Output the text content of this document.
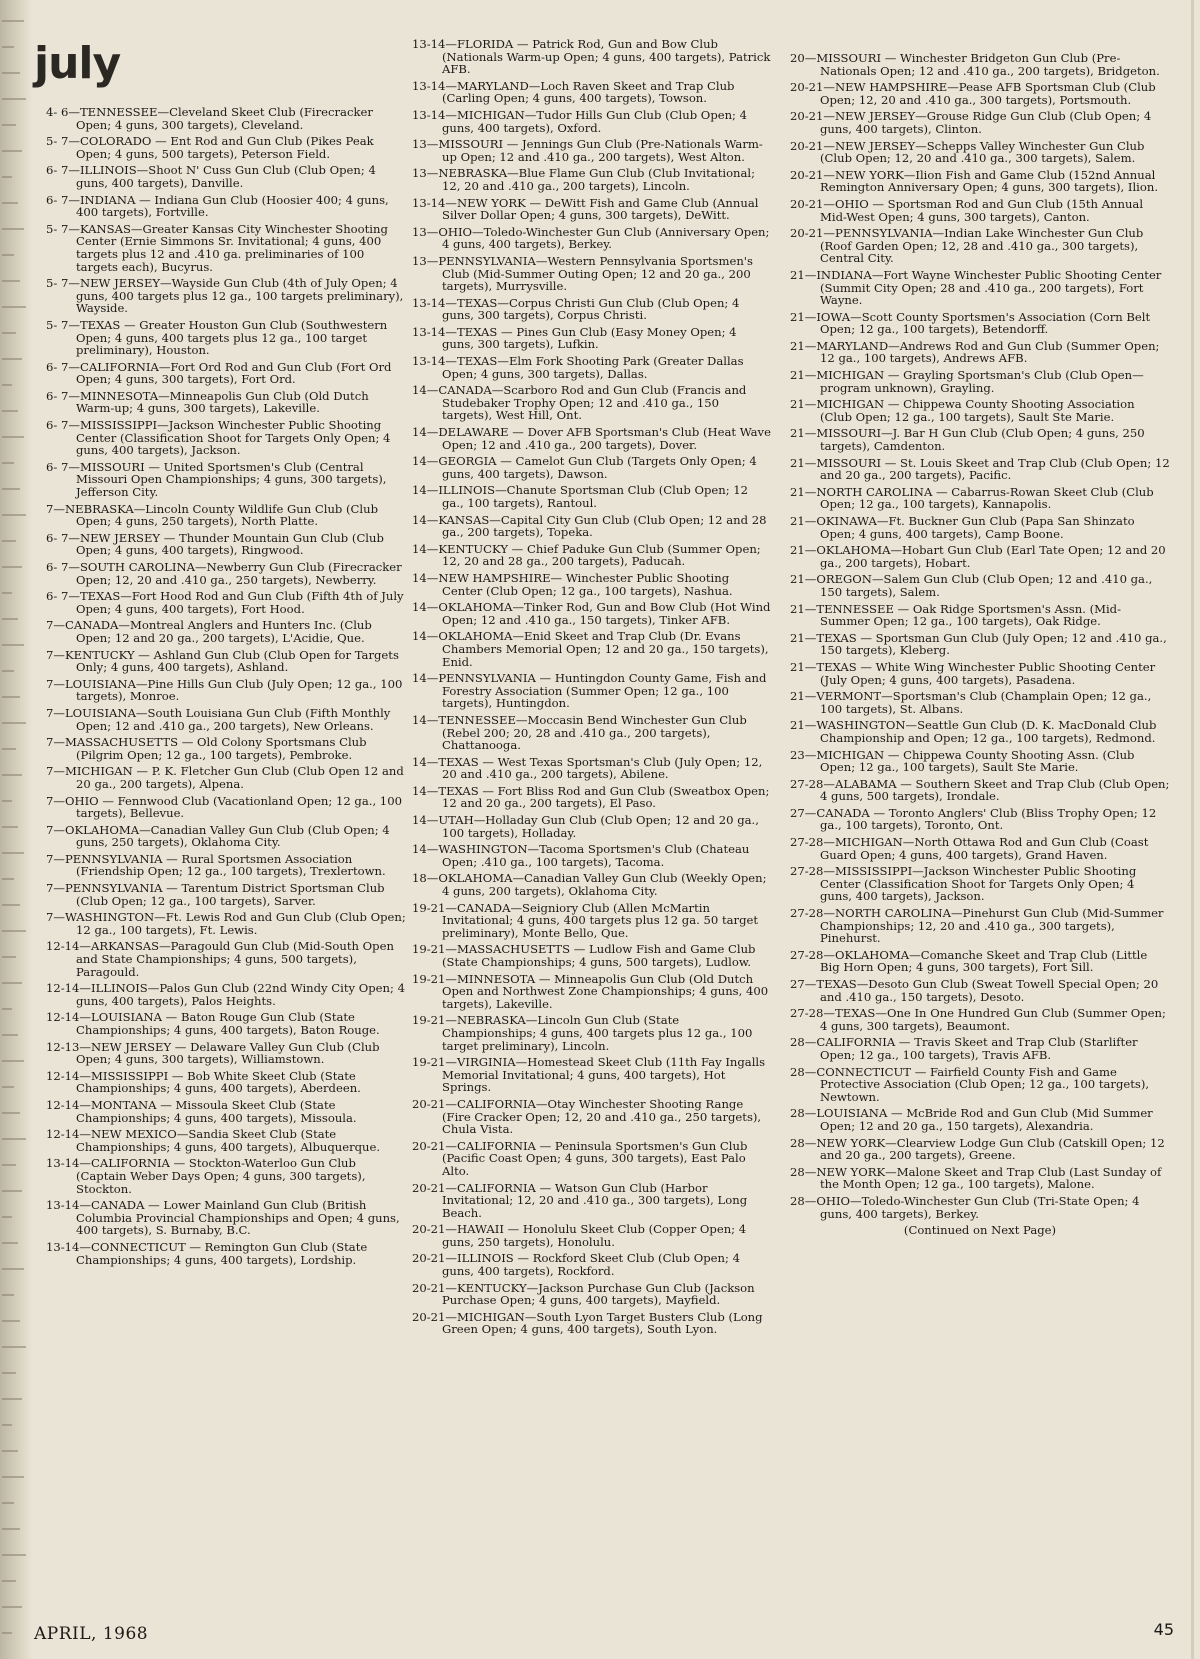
july
4- 6—TENNESSEE—Cleveland Skeet Club (Firecracker Open; 4 guns, 300 targets), Cleveland.
5- 7—COLORADO — Ent Rod and Gun Club (Pikes Peak Open; 4 guns, 500 targets), Peterson Field.
6- 7—ILLINOIS—Shoot N' Cuss Gun Club (Club Open; 4 guns, 400 targets), Danville.
6- 7—INDIANA — Indiana Gun Club (Hoosier 400; 4 guns, 400 targets), Fortville.
5- 7—KANSAS—Greater Kansas City Winchester Shooting Center (Ernie Simmons Sr. Invitational; 4 guns, 400 targets plus 12 and .410 ga. preliminaries of 100 targets each), Bucyrus.
5- 7—NEW JERSEY—Wayside Gun Club (4th of July Open; 4 guns, 400 targets plus 12 ga., 100 targets preliminary), Wayside.
5- 7—TEXAS — Greater Houston Gun Club (Southwestern Open; 4 guns, 400 targets plus 12 ga., 100 target preliminary), Houston.
6- 7—CALIFORNIA—Fort Ord Rod and Gun Club (Fort Ord Open; 4 guns, 300 targets), Fort Ord.
6- 7—MINNESOTA—Minneapolis Gun Club (Old Dutch Warm-up; 4 guns, 300 targets), Lakeville.
6- 7—MISSISSIPPI—Jackson Winchester Public Shooting Center (Classification Shoot for Targets Only Open; 4 guns, 400 targets), Jackson.
6- 7—MISSOURI — United Sportsmen's Club (Central Missouri Open Championships; 4 guns, 300 targets), Jefferson City.
7—NEBRASKA—Lincoln County Wildlife Gun Club (Club Open; 4 guns, 250 targets), North Platte.
6- 7—NEW JERSEY — Thunder Mountain Gun Club (Club Open; 4 guns, 400 targets), Ringwood.
6- 7—SOUTH CAROLINA—Newberry Gun Club (Firecracker Open; 12, 20 and .410 ga., 250 targets), Newberry.
6- 7—TEXAS—Fort Hood Rod and Gun Club (Fifth 4th of July Open; 4 guns, 400 targets), Fort Hood.
7—CANADA—Montreal Anglers and Hunters Inc. (Club Open; 12 and 20 ga., 200 targets), L'Acidie, Que.
7—KENTUCKY — Ashland Gun Club (Club Open for Targets Only; 4 guns, 400 targets), Ashland.
7—LOUISIANA—Pine Hills Gun Club (July Open; 12 ga., 100 targets), Monroe.
7—LOUISIANA—South Louisiana Gun Club (Fifth Monthly Open; 12 and .410 ga., 200 targets), New Orleans.
7—MASSACHUSETTS — Old Colony Sportsmans Club (Pilgrim Open; 12 ga., 100 targets), Pembroke.
7—MICHIGAN — P. K. Fletcher Gun Club (Club Open 12 and 20 ga., 200 targets), Alpena.
7—OHIO — Fennwood Club (Vacationland Open; 12 ga., 100 targets), Bellevue.
7—OKLAHOMA—Canadian Valley Gun Club (Club Open; 4 guns, 250 targets), Oklahoma City.
7—PENNSYLVANIA — Rural Sportsmen Association (Friendship Open; 12 ga., 100 targets), Trexlertown.
7—PENNSYLVANIA — Tarentum District Sportsman Club (Club Open; 12 ga., 100 targets), Sarver.
7—WASHINGTON—Ft. Lewis Rod and Gun Club (Club Open; 12 ga., 100 targets), Ft. Lewis.
12-14—ARKANSAS—Paragould Gun Club (Mid-South Open and State Championships; 4 guns, 500 targets), Paragould.
12-14—ILLINOIS—Palos Gun Club (22nd Windy City Open; 4 guns, 400 targets), Palos Heights.
12-14—LOUISIANA — Baton Rouge Gun Club (State Championships; 4 guns, 400 targets), Baton Rouge.
12-13—NEW JERSEY — Delaware Valley Gun Club (Club Open; 4 guns, 300 targets), Williamstown.
12-14—MISSISSIPPI — Bob White Skeet Club (State Championships; 4 guns, 400 targets), Aberdeen.
12-14—MONTANA — Missoula Skeet Club (State Championships; 4 guns, 400 targets), Missoula.
12-14—NEW MEXICO—Sandia Skeet Club (State Championships; 4 guns, 400 targets), Albuquerque.
13-14—CALIFORNIA — Stockton-Waterloo Gun Club (Captain Weber Days Open; 4 guns, 300 targets), Stockton.
13-14—CANADA — Lower Mainland Gun Club (British Columbia Provincial Championships and Open; 4 guns, 400 targets), S. Burnaby, B.C.
13-14—CONNECTICUT — Remington Gun Club (State Championships; 4 guns, 400 targets), Lordship.
13-14—FLORIDA — Patrick Rod, Gun and Bow Club (Nationals Warm-up Open; 4 guns, 400 targets), Patrick AFB.
13-14—MARYLAND—Loch Raven Skeet and Trap Club (Carling Open; 4 guns, 400 targets), Towson.
13-14—MICHIGAN—Tudor Hills Gun Club (Club Open; 4 guns, 400 targets), Oxford.
13—MISSOURI — Jennings Gun Club (Pre-Nationals Warm-up Open; 12 and .410 ga., 200 targets), West Alton.
13—NEBRASKA—Blue Flame Gun Club (Club Invitational; 12, 20 and .410 ga., 200 targets), Lincoln.
13-14—NEW YORK — DeWitt Fish and Game Club (Annual Silver Dollar Open; 4 guns, 300 targets), DeWitt.
13—OHIO—Toledo-Winchester Gun Club (Anniversary Open; 4 guns, 400 targets), Berkey.
13—PENNSYLVANIA—Western Pennsylvania Sportsmen's Club (Mid-Summer Outing Open; 12 and 20 ga., 200 targets), Murrysville.
13-14—TEXAS—Corpus Christi Gun Club (Club Open; 4 guns, 300 targets), Corpus Christi.
13-14—TEXAS — Pines Gun Club (Easy Money Open; 4 guns, 300 targets), Lufkin.
13-14—TEXAS—Elm Fork Shooting Park (Greater Dallas Open; 4 guns, 300 targets), Dallas.
14—CANADA—Scarboro Rod and Gun Club (Francis and Studebaker Trophy Open; 12 and .410 ga., 150 targets), West Hill, Ont.
14—DELAWARE — Dover AFB Sportsman's Club (Heat Wave Open; 12 and .410 ga., 200 targets), Dover.
14—GEORGIA — Camelot Gun Club (Targets Only Open; 4 guns, 400 targets), Dawson.
14—ILLINOIS—Chanute Sportsman Club (Club Open; 12 ga., 100 targets), Rantoul.
14—KANSAS—Capital City Gun Club (Club Open; 12 and 28 ga., 200 targets), Topeka.
14—KENTUCKY — Chief Paduke Gun Club (Summer Open; 12, 20 and 28 ga., 200 targets), Paducah.
14—NEW HAMPSHIRE— Winchester Public Shooting Center (Club Open; 12 ga., 100 targets), Nashua.
14—OKLAHOMA—Tinker Rod, Gun and Bow Club (Hot Wind Open; 12 and .410 ga., 150 targets), Tinker AFB.
14—OKLAHOMA—Enid Skeet and Trap Club (Dr. Evans Chambers Memorial Open; 12 and 20 ga., 150 targets), Enid.
14—PENNSYLVANIA — Huntingdon County Game, Fish and Forestry Association (Summer Open; 12 ga., 100 targets), Huntingdon.
14—TENNESSEE—Moccasin Bend Winchester Gun Club (Rebel 200; 20, 28 and .410 ga., 200 targets), Chattanooga.
14—TEXAS — West Texas Sportsman's Club (July Open; 12, 20 and .410 ga., 200 targets), Abilene.
14—TEXAS — Fort Bliss Rod and Gun Club (Sweatbox Open; 12 and 20 ga., 200 targets), El Paso.
14—UTAH—Holladay Gun Club (Club Open; 12 and 20 ga., 100 targets), Holladay.
14—WASHINGTON—Tacoma Sportsmen's Club (Chateau Open; .410 ga., 100 targets), Tacoma.
18—OKLAHOMA—Canadian Valley Gun Club (Weekly Open; 4 guns, 200 targets), Oklahoma City.
19-21—CANADA—Seigniory Club (Allen McMartin Invitational; 4 guns, 400 targets plus 12 ga. 50 target preliminary), Monte Bello, Que.
19-21—MASSACHUSETTS — Ludlow Fish and Game Club (State Championships; 4 guns, 500 targets), Ludlow.
19-21—MINNESOTA — Minneapolis Gun Club (Old Dutch Open and Northwest Zone Championships; 4 guns, 400 targets), Lakeville.
19-21—NEBRASKA—Lincoln Gun Club (State Championships; 4 guns, 400 targets plus 12 ga., 100 target preliminary), Lincoln.
19-21—VIRGINIA—Homestead Skeet Club (11th Fay Ingalls Memorial Invitational; 4 guns, 400 targets), Hot Springs.
20-21—CALIFORNIA—Otay Winchester Shooting Range (Fire Cracker Open; 12, 20 and .410 ga., 250 targets), Chula Vista.
20-21—CALIFORNIA — Peninsula Sportsmen's Gun Club (Pacific Coast Open; 4 guns, 300 targets), East Palo Alto.
20-21—CALIFORNIA — Watson Gun Club (Harbor Invitational; 12, 20 and .410 ga., 300 targets), Long Beach.
20-21—HAWAII — Honolulu Skeet Club (Copper Open; 4 guns, 250 targets), Honolulu.
20-21—ILLINOIS — Rockford Skeet Club (Club Open; 4 guns, 400 targets), Rockford.
20-21—KENTUCKY—Jackson Purchase Gun Club (Jackson Purchase Open; 4 guns, 400 targets), Mayfield.
20-21—MICHIGAN—South Lyon Target Busters Club (Long Green Open; 4 guns, 400 targets), South Lyon.
20—MISSOURI — Winchester Bridgeton Gun Club (Pre-Nationals Open; 12 and .410 ga., 200 targets), Bridgeton.
20-21—NEW HAMPSHIRE—Pease AFB Sportsman Club (Club Open; 12, 20 and .410 ga., 300 targets), Portsmouth.
20-21—NEW JERSEY—Grouse Ridge Gun Club (Club Open; 4 guns, 400 targets), Clinton.
20-21—NEW JERSEY—Schepps Valley Winchester Gun Club (Club Open; 12, 20 and .410 ga., 300 targets), Salem.
20-21—NEW YORK—Ilion Fish and Game Club (152nd Annual Remington Anniversary Open; 4 guns, 300 targets), Ilion.
20-21—OHIO — Sportsman Rod and Gun Club (15th Annual Mid-West Open; 4 guns, 300 targets), Canton.
20-21—PENNSYLVANIA—Indian Lake Winchester Gun Club (Roof Garden Open; 12, 28 and .410 ga., 300 targets), Central City.
21—INDIANA—Fort Wayne Winchester Public Shooting Center (Summit City Open; 28 and .410 ga., 200 targets), Fort Wayne.
21—IOWA—Scott County Sportsmen's Association (Corn Belt Open; 12 ga., 100 targets), Betendorff.
21—MARYLAND—Andrews Rod and Gun Club (Summer Open; 12 ga., 100 targets), Andrews AFB.
21—MICHIGAN — Grayling Sportsman's Club (Club Open—program unknown), Grayling.
21—MICHIGAN — Chippewa County Shooting Association (Club Open; 12 ga., 100 targets), Sault Ste Marie.
21—MISSOURI—J. Bar H Gun Club (Club Open; 4 guns, 250 targets), Camdenton.
21—MISSOURI — St. Louis Skeet and Trap Club (Club Open; 12 and 20 ga., 200 targets), Pacific.
21—NORTH CAROLINA — Cabarrus-Rowan Skeet Club (Club Open; 12 ga., 100 targets), Kannapolis.
21—OKINAWA—Ft. Buckner Gun Club (Papa San Shinzato Open; 4 guns, 400 targets), Camp Boone.
21—OKLAHOMA—Hobart Gun Club (Earl Tate Open; 12 and 20 ga., 200 targets), Hobart.
21—OREGON—Salem Gun Club (Club Open; 12 and .410 ga., 150 targets), Salem.
21—TENNESSEE — Oak Ridge Sportsmen's Assn. (Mid-Summer Open; 12 ga., 100 targets), Oak Ridge.
21—TEXAS — Sportsman Gun Club (July Open; 12 and .410 ga., 150 targets), Kleberg.
21—TEXAS — White Wing Winchester Public Shooting Center (July Open; 4 guns, 400 targets), Pasadena.
21—VERMONT—Sportsman's Club (Champlain Open; 12 ga., 100 targets), St. Albans.
21—WASHINGTON—Seattle Gun Club (D. K. MacDonald Club Championship and Open; 12 ga., 100 targets), Redmond.
23—MICHIGAN — Chippewa County Shooting Assn. (Club Open; 12 ga., 100 targets), Sault Ste Marie.
27-28—ALABAMA — Southern Skeet and Trap Club (Club Open; 4 guns, 500 targets), Irondale.
27—CANADA — Toronto Anglers' Club (Bliss Trophy Open; 12 ga., 100 targets), Toronto, Ont.
27-28—MICHIGAN—North Ottawa Rod and Gun Club (Coast Guard Open; 4 guns, 400 targets), Grand Haven.
27-28—MISSISSIPPI—Jackson Winchester Public Shooting Center (Classification Shoot for Targets Only Open; 4 guns, 400 targets), Jackson.
27-28—NORTH CAROLINA—Pinehurst Gun Club (Mid-Summer Championships; 12, 20 and .410 ga., 300 targets), Pinehurst.
27-28—OKLAHOMA—Comanche Skeet and Trap Club (Little Big Horn Open; 4 guns, 300 targets), Fort Sill.
27—TEXAS—Desoto Gun Club (Sweat Towell Special Open; 20 and .410 ga., 150 targets), Desoto.
27-28—TEXAS—One In One Hundred Gun Club (Summer Open; 4 guns, 300 targets), Beaumont.
28—CALIFORNIA — Travis Skeet and Trap Club (Starlifter Open; 12 ga., 100 targets), Travis AFB.
28—CONNECTICUT — Fairfield County Fish and Game Protective Association (Club Open; 12 ga., 100 targets), Newtown.
28—LOUISIANA — McBride Rod and Gun Club (Mid Summer Open; 12 and 20 ga., 150 targets), Alexandria.
28—NEW YORK—Clearview Lodge Gun Club (Catskill Open; 12 and 20 ga., 200 targets), Greene.
28—NEW YORK—Malone Skeet and Trap Club (Last Sunday of the Month Open; 12 ga., 100 targets), Malone.
28—OHIO—Toledo-Winchester Gun Club (Tri-State Open; 4 guns, 400 targets), Berkey.
(Continued on Next Page)
APRIL, 1968	45
